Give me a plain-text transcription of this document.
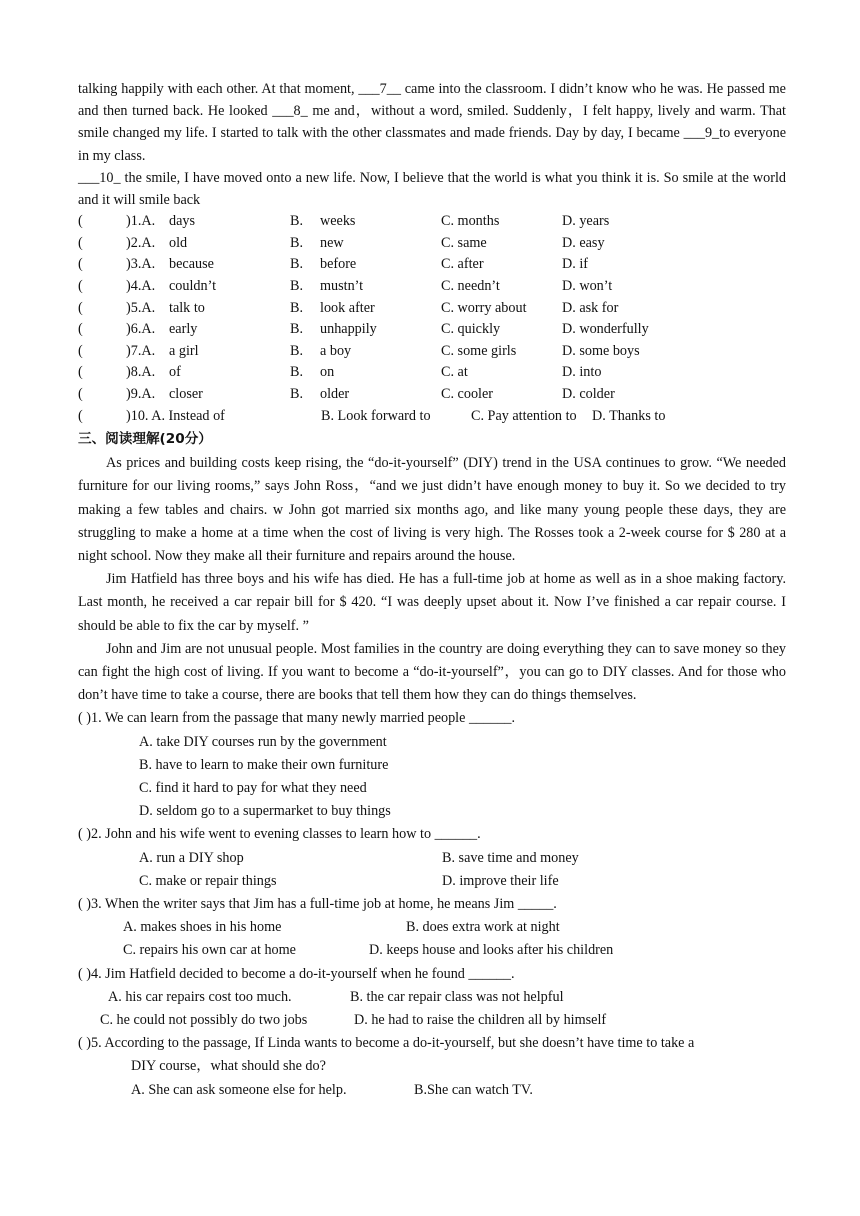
talking happily with each other. At that moment, ___7__ came into the classroom. I didn’t know who he was. He passed me and then turned back. He looked ___8_ me and，without a word, smiled. Suddenly，I felt happy, lively and warm. That smile changed my life. I started to talk with the other classmates and made friends. Day by day, I became ___9_to everyone in my class.

___10_ the smile, I have moved onto a new life. Now, I believe that the world is what you think it is. So smile at the world and it will smile back

(	)1.A. days	B.	weeks	C. months	D. years
(	)2.A. old	B.	new	C. same	D. easy
(	)3.A. because	B.	before	C. after	D. if
(	)4.A. couldn’t	B.	mustn’t	C. needn’t	D. won’t
(	)5.A. talk to	B.	look after	C. worry about	D. ask for
(	)6.A. early	B.	unhappily	C. quickly	D. wonderfully
(	)7.A. a girl	B.	a boy	C. some girls	D. some boys
(	)8.A. of	B.	on	C. at	D. into
(	)9.A. closer	B.	older	C. cooler	D. colder
(	)10. A. Instead of	B. Look forward to	C. Pay attention to	D. Thanks to
三、阅读理解(20分）

As prices and building costs keep rising, the “do-it-yourself” (DIY) trend in the USA continues to grow. “We needed furniture for our living rooms,” says John Ross，“and we just didn’t have enough money to buy it. So we decided to try making a few tables and chairs. w John got married six months ago, and like many young people these days, they are struggling to make a home at a time when the cost of living is very high. The Rosses took a 2-week course for $ 280 at a night school. Now they make all their furniture and repairs around the house.

Jim Hatfield has three boys and his wife has died. He has a full-time job at home as well as in a shoe making factory. Last month, he received a car repair bill for $ 420. “I was deeply upset about it. Now I’ve finished a car repair course. I should be able to fix the car by myself. ”

John and Jim are not unusual people. Most families in the country are doing everything they can to save money so they can fight the high cost of living. If you want to become a “do-it-yourself”，you can go to DIY classes. And for those who don’t have time to take a course, there are books that tell them how they can do things themselves.

( )1. We can learn from the passage that many newly married people ______.
A. take DIY courses run by the government
B. have to learn to make their own furniture
C. find it hard to pay for what they need
D. seldom go to a supermarket to buy things
( )2. John and his wife went to evening classes to learn how to ______.
A. run a DIY shop	B. save time and money
C. make or repair things	D. improve their life
( )3. When the writer says that Jim has a full-time job at home, he means Jim _____.
A. makes shoes in his home	B. does extra work at night
C. repairs his own car at home	D. keeps house and looks after his children
( )4. Jim Hatfield decided to become a do-it-yourself when he found ______.
A. his car repairs cost too much.	B. the car repair class was not helpful
C. he could not possibly do two jobs	D. he had to raise the children all by himself
( )5. According to the passage, If Linda wants to become a do-it-yourself, but she doesn’t have time to take a
DIY course，what should she do?
A. She can ask someone else for help.	B.She can watch TV.
